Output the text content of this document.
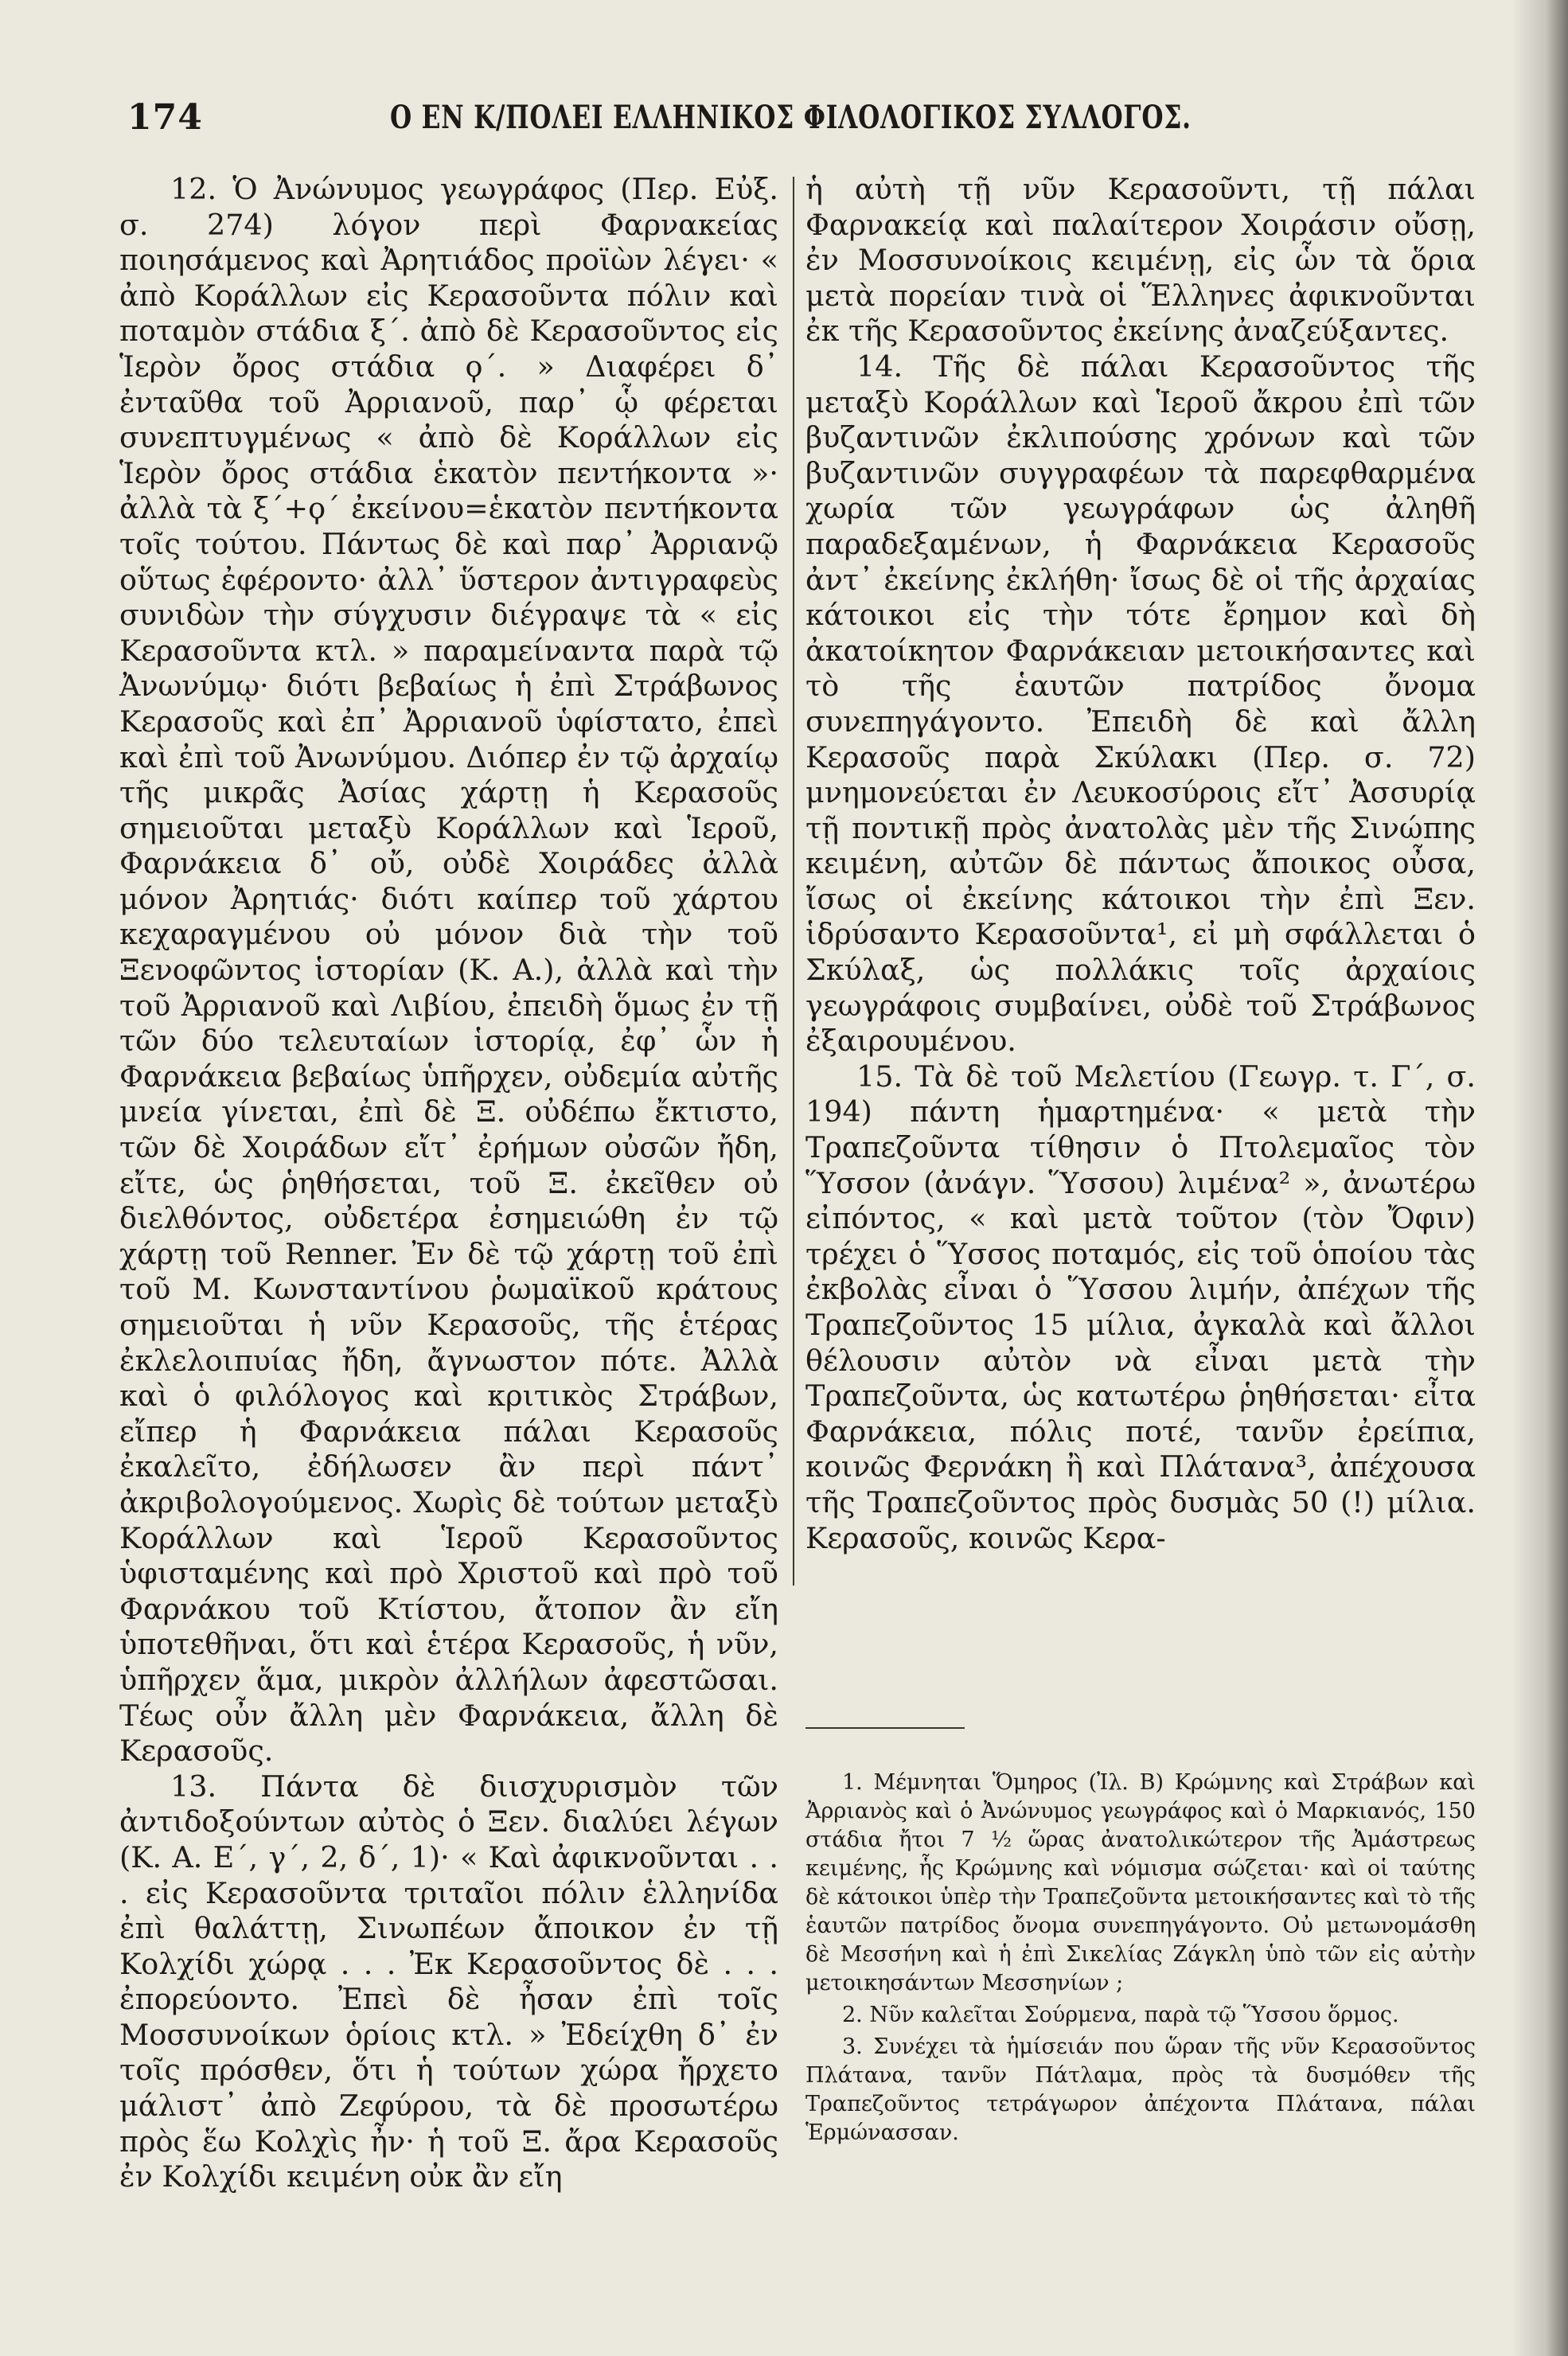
174	Ο ΕΝ Κ/ΠΟΛΕΙ ΕΛΛΗΝΙΚΟΣ ΦΙΛΟΛΟΓΙΚΟΣ ΣΥΛΛΟΓΟΣ.

12. Ὁ Ἀνώνυμος γεωγράφος (Περ. Εὐξ. σ. 274) λόγον περὶ Φαρνακείας ποιησάμενος καὶ Ἀρητιάδος προϊὼν λέγει· « ἀπὸ Κοράλλων εἰς Κερασοῦντα πόλιν καὶ ποταμὸν στάδια ξ΄. ἀπὸ δὲ Κερασοῦντος εἰς Ἱερὸν ὄρος στάδια ϙ΄. » Διαφέρει δ᾽ ἐνταῦθα τοῦ Ἀρριανοῦ, παρ᾽ ᾧ φέρεται συνεπτυγμένως « ἀπὸ δὲ Κοράλλων εἰς Ἱερὸν ὄρος στάδια ἑκατὸν πεντήκοντα »· ἀλλὰ τὰ ξ΄+ϙ΄ ἐκείνου=ἑκατὸν πεντήκοντα τοῖς τούτου. Πάντως δὲ καὶ παρ᾽ Ἀρριανῷ οὕτως ἐφέροντο· ἀλλ᾽ ὕστερον ἀντιγραφεὺς συνιδὼν τὴν σύγχυσιν διέγραψε τὰ « εἰς Κερασοῦντα κτλ. » παραμείναντα παρὰ τῷ Ἀνωνύμῳ· διότι βεβαίως ἡ ἐπὶ Στράβωνος Κερασοῦς καὶ ἐπ᾽ Ἀρριανοῦ ὑφίστατο, ἐπεὶ καὶ ἐπὶ τοῦ Ἀνωνύμου. Διόπερ ἐν τῷ ἀρχαίῳ τῆς μικρᾶς Ἀσίας χάρτῃ ἡ Κερασοῦς σημειοῦται μεταξὺ Κοράλλων καὶ Ἱεροῦ, Φαρνάκεια δ᾽ οὔ, οὐδὲ Χοιράδες ἀλλὰ μόνον Ἀρητιάς· διότι καίπερ τοῦ χάρτου κεχαραγμένου οὐ μόνον διὰ τὴν τοῦ Ξενοφῶντος ἱστορίαν (Κ. Α.), ἀλλὰ καὶ τὴν τοῦ Ἀρριανοῦ καὶ Λιβίου, ἐπειδὴ ὅμως ἐν τῇ τῶν δύο τελευταίων ἱστορίᾳ, ἐφ᾽ ὧν ἡ Φαρνάκεια βεβαίως ὑπῆρχεν, οὐδεμία αὐτῆς μνεία γίνεται, ἐπὶ δὲ Ξ. οὐδέπω ἔκτιστο, τῶν δὲ Χοιράδων εἴτ᾽ ἐρήμων οὐσῶν ἤδη, εἴτε, ὡς ῥηθήσεται, τοῦ Ξ. ἐκεῖθεν οὐ διελθόντος, οὐδετέρα ἐσημειώθη ἐν τῷ χάρτῃ τοῦ Renner. Ἐν δὲ τῷ χάρτῃ τοῦ ἐπὶ τοῦ Μ. Κωνσταντίνου ῥωμαϊκοῦ κράτους σημειοῦται ἡ νῦν Κερασοῦς, τῆς ἑτέρας ἐκλελοιπυίας ἤδη, ἄγνωστον πότε. Ἀλλὰ καὶ ὁ φιλόλογος καὶ κριτικὸς Στράβων, εἴπερ ἡ Φαρνάκεια πάλαι Κερασοῦς ἐκαλεῖτο, ἐδήλωσεν ἂν περὶ πάντ᾽ ἀκριβολογούμενος. Χωρὶς δὲ τούτων μεταξὺ Κοράλλων καὶ Ἱεροῦ Κερασοῦντος ὑφισταμένης καὶ πρὸ Χριστοῦ καὶ πρὸ τοῦ Φαρνάκου τοῦ Κτίστου, ἄτοπον ἂν εἴη ὑποτεθῆναι, ὅτι καὶ ἑτέρα Κερασοῦς, ἡ νῦν, ὑπῆρχεν ἅμα, μικρὸν ἀλλήλων ἀφεστῶσαι. Τέως οὖν ἄλλη μὲν Φαρνάκεια, ἄλλη δὲ Κερασοῦς.

13. Πάντα δὲ διισχυρισμὸν τῶν ἀντιδοξούντων αὐτὸς ὁ Ξεν. διαλύει λέγων (Κ. Α. Ε΄, γ΄, 2, δ΄, 1)· « Καὶ ἀφικνοῦνται . . . εἰς Κερασοῦντα τριταῖοι πόλιν ἑλληνίδα ἐπὶ θαλάττῃ, Σινωπέων ἄποικον ἐν τῇ Κολχίδι χώρᾳ . . . Ἐκ Κερασοῦντος δὲ . . . ἐπορεύοντο. Ἐπεὶ δὲ ἦσαν ἐπὶ τοῖς Μοσσυνοίκων ὁρίοις κτλ. » Ἐδείχθη δ᾽ ἐν τοῖς πρόσθεν, ὅτι ἡ τούτων χώρα ἤρχετο μάλιστ᾽ ἀπὸ Ζεφύρου, τὰ δὲ προσωτέρω πρὸς ἕω Κολχὶς ἦν· ἡ τοῦ Ξ. ἄρα Κερασοῦς ἐν Κολχίδι κειμένη οὐκ ἂν εἴη

ἡ αὐτὴ τῇ νῦν Κερασοῦντι, τῇ πάλαι Φαρνακείᾳ καὶ παλαίτερον Χοιράσιν οὔσῃ, ἐν Μοσσυνοίκοις κειμένῃ, εἰς ὧν τὰ ὅρια μετὰ πορείαν τινὰ οἱ Ἕλληνες ἀφικνοῦνται ἐκ τῆς Κερασοῦντος ἐκείνης ἀναζεύξαντες.

14. Τῆς δὲ πάλαι Κερασοῦντος τῆς μεταξὺ Κοράλλων καὶ Ἱεροῦ ἄκρου ἐπὶ τῶν βυζαντινῶν ἐκλιπούσης χρόνων καὶ τῶν βυζαντινῶν συγγραφέων τὰ παρεφθαρμένα χωρία τῶν γεωγράφων ὡς ἀληθῆ παραδεξαμένων, ἡ Φαρνάκεια Κερασοῦς ἀντ᾽ ἐκείνης ἐκλήθη· ἴσως δὲ οἱ τῆς ἀρχαίας κάτοικοι εἰς τὴν τότε ἔρημον καὶ δὴ ἀκατοίκητον Φαρνάκειαν μετοικήσαντες καὶ τὸ τῆς ἑαυτῶν πατρίδος ὄνομα συνεπηγάγοντο. Ἐπειδὴ δὲ καὶ ἄλλη Κερασοῦς παρὰ Σκύλακι (Περ. σ. 72) μνημονεύεται ἐν Λευκοσύροις εἴτ᾽ Ἀσσυρίᾳ τῇ ποντικῇ πρὸς ἀνατολὰς μὲν τῆς Σινώπης κειμένη, αὐτῶν δὲ πάντως ἄποικος οὖσα, ἴσως οἱ ἐκείνης κάτοικοι τὴν ἐπὶ Ξεν. ἱδρύσαντο Κερασοῦντα¹, εἰ μὴ σφάλλεται ὁ Σκύλαξ, ὡς πολλάκις τοῖς ἀρχαίοις γεωγράφοις συμβαίνει, οὐδὲ τοῦ Στράβωνος ἐξαιρουμένου.

15. Τὰ δὲ τοῦ Μελετίου (Γεωγρ. τ. Γ΄, σ. 194) πάντη ἡμαρτημένα· « μετὰ τὴν Τραπεζοῦντα τίθησιν ὁ Πτολεμαῖος τὸν Ὕσσον (ἀνάγν. Ὕσσου) λιμένα² », ἀνωτέρω εἰπόντος, « καὶ μετὰ τοῦτον (τὸν Ὄφιν) τρέχει ὁ Ὕσσος ποταμός, εἰς τοῦ ὁποίου τὰς ἐκβολὰς εἶναι ὁ Ὕσσου λιμήν, ἀπέχων τῆς Τραπεζοῦντος 15 μίλια, ἀγκαλὰ καὶ ἄλλοι θέλουσιν αὐτὸν νὰ εἶναι μετὰ τὴν Τραπεζοῦντα, ὡς κατωτέρω ῥηθήσεται· εἶτα Φαρνάκεια, πόλις ποτέ, τανῦν ἐρείπια, κοινῶς Φερνάκη ἢ καὶ Πλάτανα³, ἀπέχουσα τῆς Τραπεζοῦντος πρὸς δυσμὰς 50 (!) μίλια. Κερασοῦς, κοινῶς Κερα-

1. Μέμνηται Ὅμηρος (Ἰλ. Β) Κρώμνης καὶ Στράβων καὶ Ἀρριανὸς καὶ ὁ Ἀνώνυμος γεωγράφος καὶ ὁ Μαρκιανός, 150 στάδια ἤτοι 7 ½ ὥρας ἀνατολικώτερον τῆς Ἀμάστρεως κειμένης, ἧς Κρώμνης καὶ νόμισμα σώζεται· καὶ οἱ ταύτης δὲ κάτοικοι ὑπὲρ τὴν Τραπεζοῦντα μετοικήσαντες καὶ τὸ τῆς ἑαυτῶν πατρίδος ὄνομα συνεπηγάγοντο. Οὐ μετωνομάσθη δὲ Μεσσήνη καὶ ἡ ἐπὶ Σικελίας Ζάγκλη ὑπὸ τῶν εἰς αὐτὴν μετοικησάντων Μεσσηνίων ;

2. Νῦν καλεῖται Σούρμενα, παρὰ τῷ Ὕσσου ὅρμος.

3. Συνέχει τὰ ἡμίσειάν που ὥραν τῆς νῦν Κερασοῦντος Πλάτανα, τανῦν Πάτλαμα, πρὸς τὰ δυσμόθεν τῆς Τραπεζοῦντος τετράγωρον ἀπέχοντα Πλάτανα, πάλαι Ἑρμώνασσαν.
